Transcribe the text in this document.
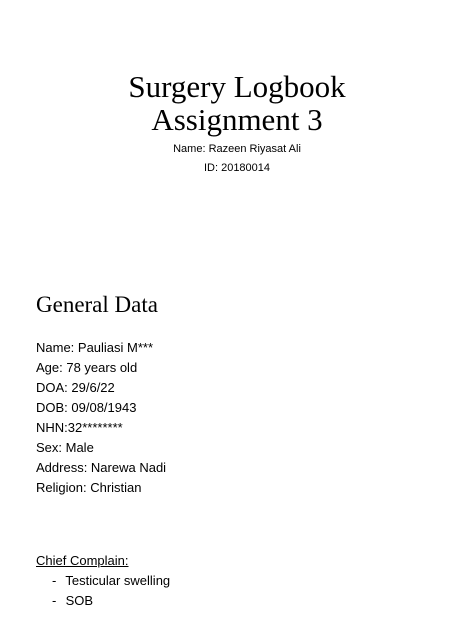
Surgery Logbook
Assignment 3
Name: Razeen Riyasat Ali
ID: 20180014
General Data
Name: Pauliasi M***
Age: 78 years old
DOA: 29/6/22
DOB: 09/08/1943
NHN:32********
Sex: Male
Address: Narewa Nadi
Religion: Christian
Chief Complain:
- Testicular swelling
- SOB
